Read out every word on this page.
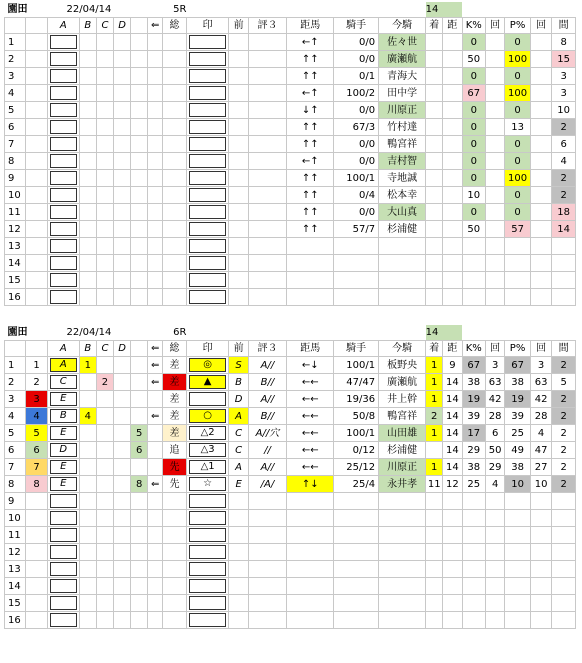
園田		22/04/14				5R									14						
		A	B	C	D		⇐	総	印	前	評３	距馬	騎手	今騎	着	距	K%	回	P%	回	間
1												←↑	0/0	佐々世			0		0		8
2												↑↑	0/0	廣瀬航			50		100		15
3												↑↑	0/1	青海大			0		0		3
4												←↑	100/2	田中学			67		100		3
5												↓↑	0/0	川原正			0		0		10
6												↑↑	67/3	竹村達			0		13		2
7												↑↑	0/0	鴨宮祥			0		0		6
8												←↑	0/0	吉村智			0		0		4
9												↑↑	100/1	寺地誠			0		100		2
10												↑↑	0/4	松本幸			10		0		2
11												↑↑	0/0	大山真			0		0		18
12												↑↑	57/7	杉浦健			50		57		14
13		

14		

15		

16		

園田		22/04/14				6R									14						
		A	B	C	D		⇐	総	印	前	評３	距馬	騎手	今騎	着	距	K%	回	P%	回	間
1	1	A	1				⇐	差	◎	S	A//	←↓	100/1	板野央	1	9	67	3	67	3	2
2	2	C		2			⇐	差	▲	B	B//	←←	47/47	廣瀬航	1	14	38	63	38	63	5
3	3	E						差		D	A//	←←	19/36	井上幹	1	14	19	42	19	42	2
4	4	B	4				⇐	差	○	A	B//	←←	50/8	鴨宮祥	2	14	39	28	39	28	2
5	5	E				5		差	△2	C	A//穴	←←	100/1	山田雄	1	14	17	6	25	4	2
6	6	D				6		追	△3	C	//	←←	0/12	杉浦健		14	29	50	49	47	2
7	7	E						先	△1	A	A//	←←	25/12	川原正	1	14	38	29	38	27	2
8	8	E				8	⇐	先	☆	E	/A/	↑↓	25/4	永井孝	11	12	25	4	10	10	2
9		

10		

11		

12		

13		

14		

15		

16		
